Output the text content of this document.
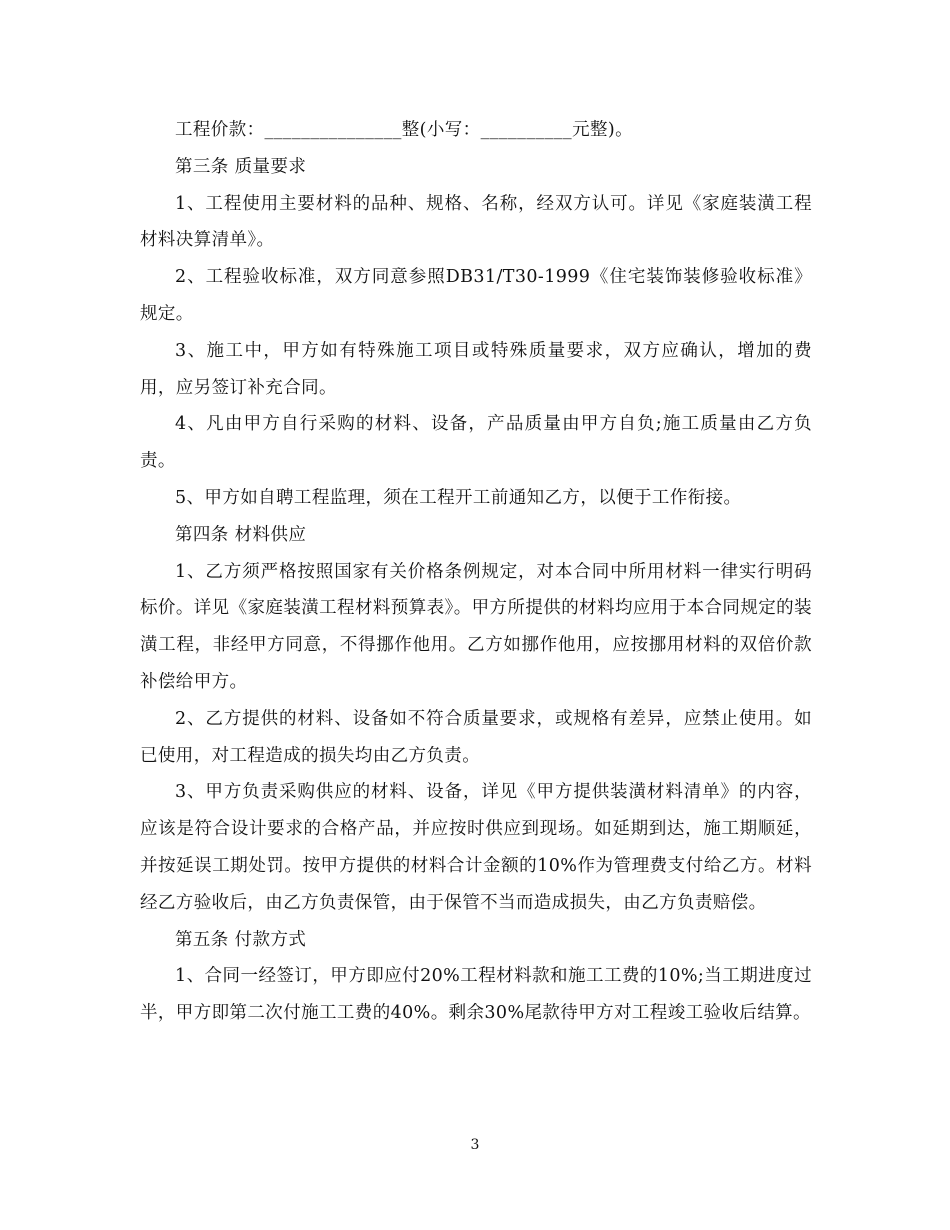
工程价款：_______________整(小写：__________元整)。

第三条 质量要求

1、工程使用主要材料的品种、规格、名称，经双方认可。详见《家庭装潢工程材料决算清单》。

2、工程验收标准，双方同意参照DB31/T30-1999《住宅装饰装修验收标准》规定。

3、施工中，甲方如有特殊施工项目或特殊质量要求，双方应确认，增加的费用，应另签订补充合同。

4、凡由甲方自行采购的材料、设备，产品质量由甲方自负;施工质量由乙方负责。

5、甲方如自聘工程监理，须在工程开工前通知乙方，以便于工作衔接。

第四条 材料供应

1、乙方须严格按照国家有关价格条例规定，对本合同中所用材料一律实行明码标价。详见《家庭装潢工程材料预算表》。甲方所提供的材料均应用于本合同规定的装潢工程，非经甲方同意，不得挪作他用。乙方如挪作他用，应按挪用材料的双倍价款补偿给甲方。

2、乙方提供的材料、设备如不符合质量要求，或规格有差异，应禁止使用。如已使用，对工程造成的损失均由乙方负责。

3、甲方负责采购供应的材料、设备，详见《甲方提供装潢材料清单》的内容，应该是符合设计要求的合格产品，并应按时供应到现场。如延期到达，施工期顺延，并按延误工期处罚。按甲方提供的材料合计金额的10%作为管理费支付给乙方。材料经乙方验收后，由乙方负责保管，由于保管不当而造成损失，由乙方负责赔偿。

第五条 付款方式

1、合同一经签订，甲方即应付20%工程材料款和施工工费的10%;当工期进度过半，甲方即第二次付施工工费的40%。剩余30%尾款待甲方对工程竣工验收后结算。

3
